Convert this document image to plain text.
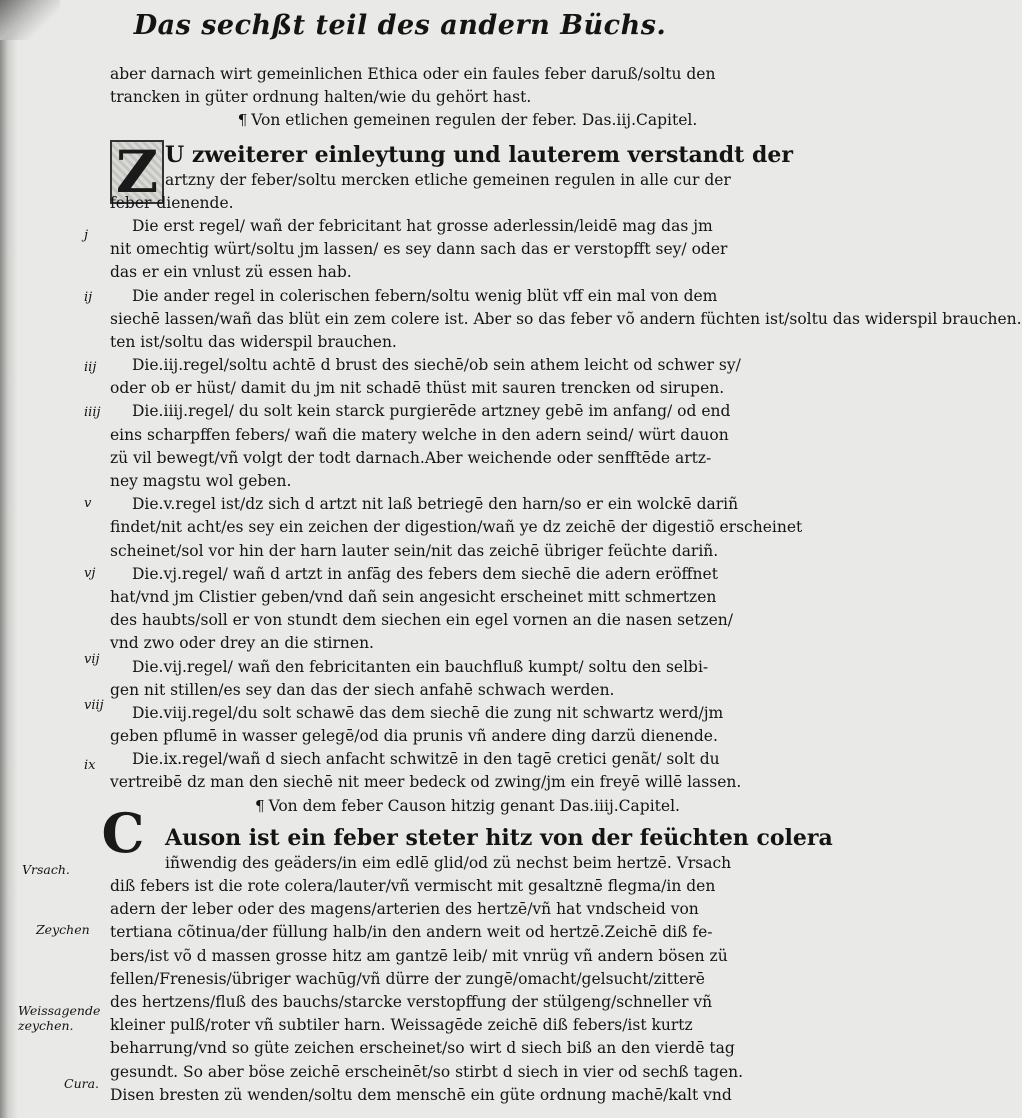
Das sechßt teil des andern Büchs.
Z
C
j
ij
iij
iiij
v
vj
vij
viij
ix
Vrsach.
Zeychen
Weissagende zeychen.
Cura.
aber darnach wirt gemeinlichen Ethica oder ein faules feber daruß/soltu den
trancken in güter ordnung halten/wie du gehört hast.
¶ Von etlichen gemeinen regulen der feber. Das.iij.Capitel.
U zweiterer einleytung und lauterem verstandt der
artzny der feber/soltu mercken etliche gemeinen regulen in alle cur der
feber dienende.
Die erst regel/ wañ der febricitant hat grosse aderlessin/leidē mag das jm
nit omechtig würt/soltu jm lassen/ es sey dann sach das er verstopfft sey/ oder
das er ein vnlust zü essen hab.
Die ander regel in colerischen febern/soltu wenig blüt vff ein mal von dem
siechē lassen/wañ das blüt ein zem colere ist. Aber so das feber võ andern füchten ist/soltu das widerspil brauchen.
ten ist/soltu das widerspil brauchen.
Die.iij.regel/soltu achtē d brust des siechē/ob sein athem leicht od schwer sy/
oder ob er hüst/ damit du jm nit schadē thüst mit sauren trencken od sirupen.
Die.iiij.regel/ du solt kein starck purgierēde artzney gebē im anfang/ od end
eins scharpffen febers/ wañ die matery welche in den adern seind/ würt dauon
zü vil bewegt/vñ volgt der todt darnach.Aber weichende oder senfftēde artz-
ney magstu wol geben.
Die.v.regel ist/dz sich d artzt nit laß betriegē den harn/so er ein wolckē dariñ
findet/nit acht/es sey ein zeichen der digestion/wañ ye dz zeichē der digestiõ erscheinet
scheinet/sol vor hin der harn lauter sein/nit das zeichē übriger feüchte dariñ.
Die.vj.regel/ wañ d artzt in anfāg des febers dem siechē die adern eröffnet
hat/vnd jm Clistier geben/vnd dañ sein angesicht erscheinet mitt schmertzen
des haubts/soll er von stundt dem siechen ein egel vornen an die nasen setzen/
vnd zwo oder drey an die stirnen.
Die.vij.regel/ wañ den febricitanten ein bauchfluß kumpt/ soltu den selbi-
gen nit stillen/es sey dan das der siech anfahē schwach werden.
Die.viij.regel/du solt schawē das dem siechē die zung nit schwartz werd/jm
geben pflumē in wasser gelegē/od dia prunis vñ andere ding darzü dienende.
Die.ix.regel/wañ d siech anfacht schwitzē in den tagē cretici genãt/ solt du
vertreibē dz man den siechē nit meer bedeck od zwing/jm ein freyē willē lassen.
¶ Von dem feber Causon hitzig genant Das.iiij.Capitel.
Auson ist ein feber steter hitz von der feüchten colera
iñwendig des geäders/in eim edlē glid/od zü nechst beim hertzē. Vrsach
diß febers ist die rote colera/lauter/vñ vermischt mit gesaltznē flegma/in den
adern der leber oder des magens/arterien des hertzē/vñ hat vndscheid von
tertiana cõtinua/der füllung halb/in den andern weit od hertzē.Zeichē diß fe-
bers/ist võ d massen grosse hitz am gantzē leib/ mit vnrüg vñ andern bösen zü
fellen/Frenesis/übriger wachūg/vñ dürre der zungē/omacht/gelsucht/zitterē
des hertzens/fluß des bauchs/starcke verstopffung der stülgeng/schneller vñ
kleiner pulß/roter vñ subtiler harn. Weissagēde zeichē diß febers/ist kurtz
beharrung/vnd so güte zeichen erscheinet/so wirt d siech biß an den vierdē tag
gesundt. So aber böse zeichē erscheinēt/so stirbt d siech in vier od sechß tagen.
Disen bresten zü wenden/soltu dem menschē ein güte ordnung machē/kalt vnd
